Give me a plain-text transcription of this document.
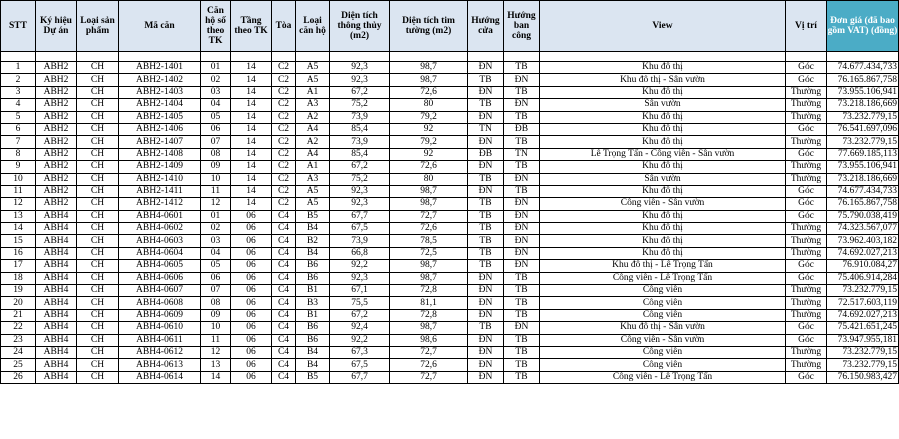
STT	Ký hiệu Dự án	Loại sản phẩm	Mã căn	Căn hộ số theo TK	Tầng theo TK	Tòa	Loại căn hộ	Diện tích thông thủy (m2)	Diện tích tim tường (m2)	Hướng cửa	Hướng ban công	View	Vị trí	Đơn giá (đã bao gồm VAT) (đồng)

1	ABH2	CH	ABH2-1401	01	14	C2	A5	92,3	98,7	ĐN	TB	Khu đô thị	Góc	74.677.434,733
2	ABH2	CH	ABH2-1402	02	14	C2	A5	92,3	98,7	TB	ĐN	Khu đô thị - Sân vườn	Góc	76.165.867,758
3	ABH2	CH	ABH2-1403	03	14	C2	A1	67,2	72,6	ĐN	TB	Khu đô thị	Thường	73.955.106,941
4	ABH2	CH	ABH2-1404	04	14	C2	A3	75,2	80	TB	ĐN	Sân vườn	Thường	73.218.186,669
5	ABH2	CH	ABH2-1405	05	14	C2	A2	73,9	79,2	ĐN	TB	Khu đô thị	Thường	73.232.779,15
6	ABH2	CH	ABH2-1406	06	14	C2	A4	85,4	92	TN	ĐB	Khu đô thị	Góc	76.541.697,096
7	ABH2	CH	ABH2-1407	07	14	C2	A2	73,9	79,2	ĐN	TB	Khu đô thị	Thường	73.232.779,15
8	ABH2	CH	ABH2-1408	08	14	C2	A4	85,4	92	ĐB	TN	Lê Trọng Tấn - Công viên - Sân vườn	Góc	77.669.185,113
9	ABH2	CH	ABH2-1409	09	14	C2	A1	67,2	72,6	ĐN	TB	Khu đô thị	Thường	73.955.106,941
10	ABH2	CH	ABH2-1410	10	14	C2	A3	75,2	80	TB	ĐN	Sân vườn	Thường	73.218.186,669
11	ABH2	CH	ABH2-1411	11	14	C2	A5	92,3	98,7	ĐN	TB	Khu đô thị	Góc	74.677.434,733
12	ABH2	CH	ABH2-1412	12	14	C2	A5	92,3	98,7	TB	ĐN	Công viên - Sân vườn	Góc	76.165.867,758
13	ABH4	CH	ABH4-0601	01	06	C4	B5	67,7	72,7	TB	ĐN	Khu đô thị	Góc	75.790.038,419
14	ABH4	CH	ABH4-0602	02	06	C4	B4	67,5	72,6	TB	ĐN	Khu đô thị	Thường	74.323.567,077
15	ABH4	CH	ABH4-0603	03	06	C4	B2	73,9	78,5	TB	ĐN	Khu đô thị	Thường	73.962.403,182
16	ABH4	CH	ABH4-0604	04	06	C4	B4	66,8	72,5	TB	ĐN	Khu đô thị	Thường	74.692.027,213
17	ABH4	CH	ABH4-0605	05	06	C4	B6	92,2	98,7	TB	ĐN	Khu đô thị - Lê Trọng Tấn	Góc	76.910.084,27
18	ABH4	CH	ABH4-0606	06	06	C4	B6	92,3	98,7	ĐN	TB	Công viên - Lê Trọng Tấn	Góc	75.406.914,284
19	ABH4	CH	ABH4-0607	07	06	C4	B1	67,1	72,8	ĐN	TB	Công viên	Thường	73.232.779,15
20	ABH4	CH	ABH4-0608	08	06	C4	B3	75,5	81,1	ĐN	TB	Công viên	Thường	72.517.603,119
21	ABH4	CH	ABH4-0609	09	06	C4	B1	67,2	72,8	ĐN	TB	Công viên	Thường	74.692.027,213
22	ABH4	CH	ABH4-0610	10	06	C4	B6	92,4	98,7	TB	ĐN	Khu đô thị - Sân vườn	Góc	75.421.651,245
23	ABH4	CH	ABH4-0611	11	06	C4	B6	92,2	98,6	ĐN	TB	Công viên - Sân vườn	Góc	73.947.955,181
24	ABH4	CH	ABH4-0612	12	06	C4	B4	67,3	72,7	ĐN	TB	Công viên	Thường	73.232.779,15
25	ABH4	CH	ABH4-0613	13	06	C4	B4	67,5	72,6	ĐN	TB	Công viên	Thường	73.232.779,15
26	ABH4	CH	ABH4-0614	14	06	C4	B5	67,7	72,7	ĐN	TB	Công viên - Lê Trọng Tấn	Góc	76.150.983,427
